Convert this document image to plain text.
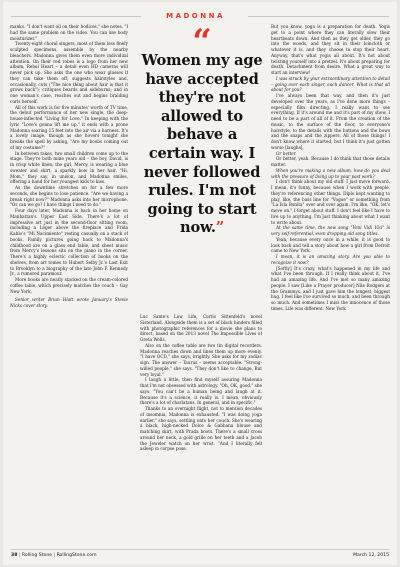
MADONNA

manks. "I don't want oil on their bodices," she notes. "I had the same problem on the video. You can use body moisturizer."

Twenty-eight choral singers, most of them less finely sculpted specimens, assemble by the nearby bleachers. Madonna gives them even more individual attention. On their red robes is a logo from her new album, Rebel Heart – a detail even HD cameras will never pick up. She asks the one who wear glasses if they can take them off; suggests hairstyles and, occasionally, cuts ("The nice thing about hair is that it grows back"); critiques beards and sideburns; and in one woman's case, reaches out and begins braiding curls herself.

All of this work is for five minutes' worth of TV time, the debut performance of her new single, the deep-house-inflected "Living for Love." In keeping with the lyric "Love's gonna lift me up," it ends with a prone Madonna soaring 15 feet into the air via a harness. It's a lovely image, though as she hovers tonight she breaks the spell by asking, "Are my boobs coming out of my costume?"

In between takes, two small children come up to the stage. They're both mine years old – the boy, David, is in crisp white linen; the girl, Mercy, is wearing a blue sweater and skirt, a sparkly bow in her hair. "Hi, Mom," they say, in unison, and Madonna smiles, offering a hand for her youngest kids to kiss.

As the downtime stretches on for a few more seconds, she begins to lose patience. "Are we having a break right now?" Madonna asks into her microphone. "Or can we go? I have things I need to do."

Four days later, Madonna is back in her home on Manhattan's Upper East Side. There's a lot of impressive art just in the second-floor sitting room, including a Léger above the fireplace and Frida Kahlo's "Mi Nacimiento" resting casually on a stack of books. Family pictures going back to Madonna's childhood are on a glass end table, and sheet music from Mercy's lessons sits on the piano in the corner. There's a highly eclectic collection of books on the shelves, from art tomes to Hubert Selby Jr.'s Last Exit to Brooklyn to a biography of the late John F. Kennedy Jr., a rumored paramour.

More books are neatly stacked on the cream-colored coffee table, which precisely matches the couch – Gay New York,

Senior writer Brian Hiatt wrote January's Stevie Nicks cover story.

“
Women my age have accepted they're not allowed to behave a certain way. I never followed rules. I'm not going to start now.”

Luc Sante's Low Life, Curtis Sittenfeld's novel Sisterland. Alongside them is a set of black binders filled with photographic references for a movie she plans to direct, based on the 2013 novel The Impossible Lives of Greta Wells.

Also on the coffee table are two tin digital recorders. Madonna reaches down and lines them up more evenly. "I have OCD," she says, brightly. She asks for my zodiac sign. The answer – Taurus – seems acceptable. "Strong-willed people," she says. "They don't like to change. But very loyal."

I laugh a little, then find myself assuring Madonna that I'm not obsessed with astrology. "Oh, OK, good," she says. "You can't be a human being and laugh at it. Because it's a science, it really is. I mean, obviously there's a lot of charlatans. In general, and in specific."

Thanks to an overnight flight, not to mention decades of insomnia, Madonna is exhausted. "I was doing yoga earlier," she says, settling onto her couch. She's wearing a black, high-necked Dolce & Gabbana blouse and matching skirt, with Prada boots. There's a small cross around her neck, a gold grille on her teeth and a Jacob the Jeweler watch on her wrist. "And I literally fell asleep in corpse pose.

But you know, yoga is a preparation for death. Yogis get to a point where they can literally slow their heartbeats down. And then as they get older, they go into the woods, and they sit in their loincloth or whatever it is, and they choose to stop their heart. Anyway, that's what yogis all about. It's not about twisting yourself into a pretzel. It's about preparing for death. Detachment from desire. What a great way to start an interview!

I was struck by your extraordinary attention to detail – going over each singer, each dancer. What is that all about for you?

I've always been that way, and then it's just developed over the years, as I've done more things – especially film directing. I really want to see everything. If it's around me and it's part of my show, I need to be a part of all of it. From the creation of the music, to the surface of the floor, to everyone's hairstyle, to the details with the buttons and the bows and the snaps and the zippers. All of those things! I don't know where it started, but I think it's just gotten worse [laughs].

Or better.

Or better, yeah. Because I do think that those details matter.

When you're making a new album, how do you deal with the pressure of living up to your past work?

I don't think about my old stuff. I just move forward. I mean, it's funny, because when I work with people, they're referencing other things. Diplo kept wanting to play, like, the bass line for "Vogue" or something from "La Isla Bonita" over and over again. I'm like, "OK, let's move on." I forget about stuff. I don't feel like I have to live up to anything. I'm just thinking about what I want to write about.

At the same time, the new song "Veni Vidi Vici" is very self-referential, even dropping old song titles.

Yeah, because every once in a while, it is good to look back and tell a story about how a girl from Detroit came to New York.

I mean, it is an amazing story. Are you able to recognize it now?

[Softly] It's crazy, what's happened in my life and what I've been through. If I really think about it, I've had an amazing life. And I've met so many amazing people. I saw [Like a Prayer producer] Nile Rodgers at the Grammys, and I just gave him the longest, biggest hug. I feel like I've survived so much, and been through so much. And sometimes I miss the innocence of those times. Life was different. New York

38 | Rolling Stone | RollingStone.com	March 12, 2015
